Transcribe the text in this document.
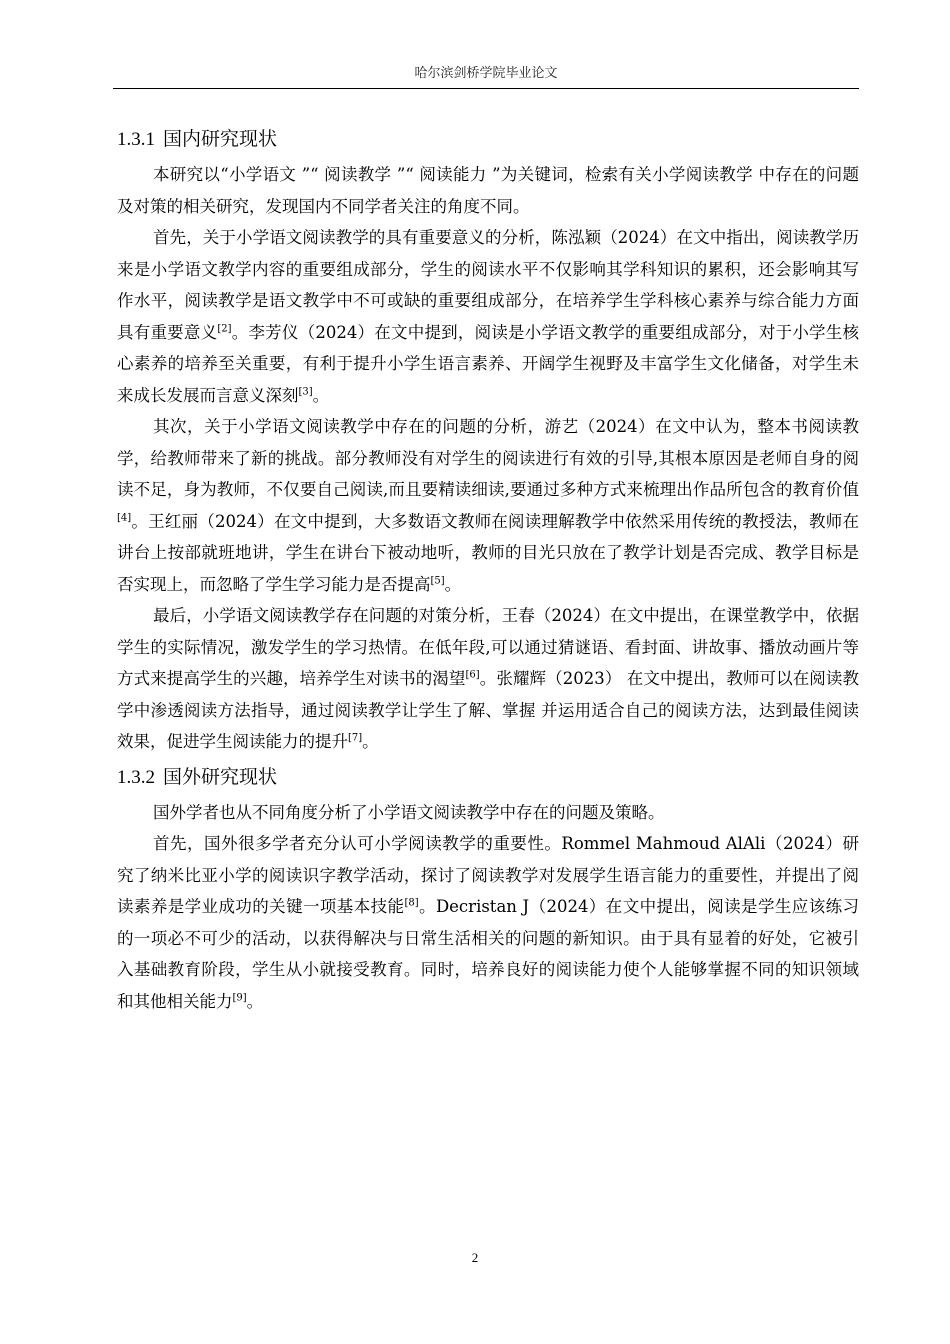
哈尔滨剑桥学院毕业论文
1.3.1 国内研究现状

本研究以“小学语文 ”“ 阅读教学 ”“ 阅读能力 ”为关键词，检索有关小学阅读教学 中存在的问题及对策的相关研究，发现国内不同学者关注的角度不同。

首先，关于小学语文阅读教学的具有重要意义的分析，陈泓颖（2024）在文中指出，阅读教学历来是小学语文教学内容的重要组成部分，学生的阅读水平不仅影响其学科知识的累积，还会影响其写作水平，阅读教学是语文教学中不可或缺的重要组成部分，在培养学生学科核心素养与综合能力方面具有重要意义[2]。李芳仪（2024）在文中提到，阅读是小学语文教学的重要组成部分，对于小学生核心素养的培养至关重要，有利于提升小学生语言素养、开阔学生视野及丰富学生文化储备，对学生未来成长发展而言意义深刻[3]。

其次，关于小学语文阅读教学中存在的问题的分析，游艺（2024）在文中认为，整本书阅读教学，给教师带来了新的挑战。部分教师没有对学生的阅读进行有效的引导,其根本原因是老师自身的阅读不足，身为教师，不仅要自己阅读,而且要精读细读,要通过多种方式来梳理出作品所包含的教育价值[4]。王红丽（2024）在文中提到，大多数语文教师在阅读理解教学中依然采用传统的教授法，教师在讲台上按部就班地讲，学生在讲台下被动地听，教师的目光只放在了教学计划是否完成、教学目标是否实现上，而忽略了学生学习能力是否提高[5]。

最后，小学语文阅读教学存在问题的对策分析，王春（2024）在文中提出，在课堂教学中，依据学生的实际情况，激发学生的学习热情。在低年段,可以通过猜谜语、看封面、讲故事、播放动画片等方式来提高学生的兴趣，培养学生对读书的渴望[6]。张耀辉（2023） 在文中提出，教师可以在阅读教学中渗透阅读方法指导，通过阅读教学让学生了解、掌握 并运用适合自己的阅读方法，达到最佳阅读效果，促进学生阅读能力的提升[7]。

1.3.2 国外研究现状

国外学者也从不同角度分析了小学语文阅读教学中存在的问题及策略。

首先，国外很多学者充分认可小学阅读教学的重要性。Rommel Mahmoud AlAli（2024）研究了纳米比亚小学的阅读识字教学活动，探讨了阅读教学对发展学生语言能力的重要性，并提出了阅读素养是学业成功的关键一项基本技能[8]。Decristan J（2024）在文中提出，阅读是学生应该练习的一项必不可少的活动，以获得解决与日常生活相关的问题的新知识。由于具有显着的好处，它被引入基础教育阶段，学生从小就接受教育。同时，培养良好的阅读能力使个人能够掌握不同的知识领域和其他相关能力[9]。

2
